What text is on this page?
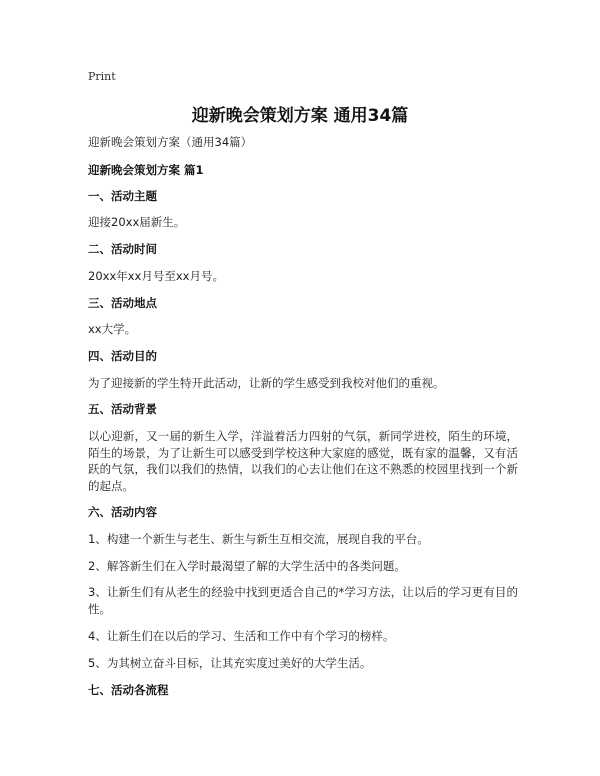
Print
迎新晚会策划方案 通用34篇
迎新晚会策划方案（通用34篇）
迎新晚会策划方案 篇1
一、活动主题
迎接20xx届新生。
二、活动时间
20xx年xx月号至xx月号。
三、活动地点
xx大学。
四、活动目的
为了迎接新的学生特开此活动，让新的学生感受到我校对他们的重视。
五、活动背景
以心迎新，又一届的新生入学，洋溢着活力四射的气氛，新同学进校，陌生的环境，陌生的场景，为了让新生可以感受到学校这种大家庭的感觉，既有家的温馨，又有活跃的气氛，我们以我们的热情，以我们的心去让他们在这不熟悉的校园里找到一个新的起点。
六、活动内容
1、构建一个新生与老生、新生与新生互相交流，展现自我的平台。
2、解答新生们在入学时最渴望了解的大学生活中的各类问题。
3、让新生们有从老生的经验中找到更适合自己的*学习方法，让以后的学习更有目的性。
4、让新生们在以后的学习、生活和工作中有个学习的榜样。
5、为其树立奋斗目标，让其充实度过美好的大学生活。
七、活动各流程
